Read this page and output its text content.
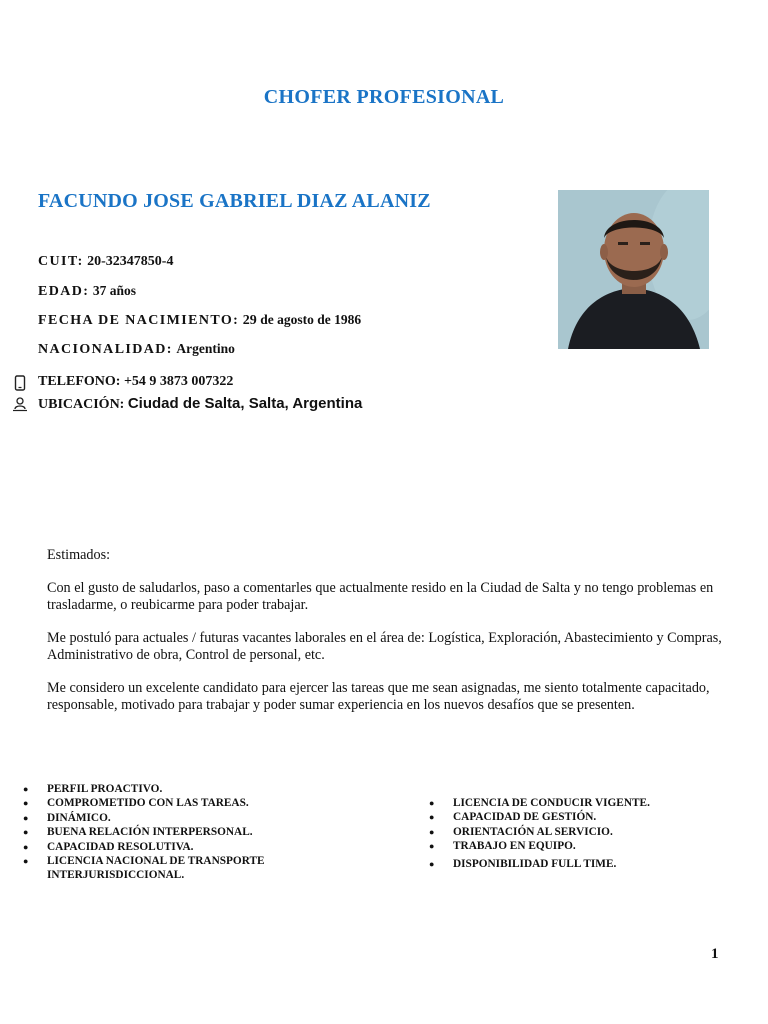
CHOFER PROFESIONAL
FACUNDO JOSE GABRIEL DIAZ ALANIZ
CUIT: 20-32347850-4
EDAD: 37 años
FECHA DE NACIMIENTO: 29 de agosto de 1986
NACIONALIDAD: Argentino
TELEFONO: +54 9 3873 007322
UBICACIÓN: Ciudad de Salta, Salta, Argentina

Estimados:

Con el gusto de saludarlos, paso a comentarles que actualmente resido en la Ciudad de Salta y no tengo problemas en trasladarme, o reubicarme para poder trabajar.

Me postuló para actuales / futuras vacantes laborales en el área de: Logística, Exploración, Abastecimiento y Compras, Administrativo de obra, Control de personal, etc.

Me considero un excelente candidato para ejercer las tareas que me sean asignadas, me siento totalmente capacitado, responsable, motivado para trabajar y poder sumar experiencia en los nuevos desafíos que se presenten.

● PERFIL PROACTIVO.
● COMPROMETIDO CON LAS TAREAS.
● DINÁMICO.
● BUENA RELACIÓN INTERPERSONAL.
● CAPACIDAD RESOLUTIVA.
● LICENCIA NACIONAL DE TRANSPORTE INTERJURISDICCIONAL.
● LICENCIA DE CONDUCIR VIGENTE.
● CAPACIDAD DE GESTIÓN.
● ORIENTACIÓN AL SERVICIO.
● TRABAJO EN EQUIPO.
● DISPONIBILIDAD FULL TIME.
1
